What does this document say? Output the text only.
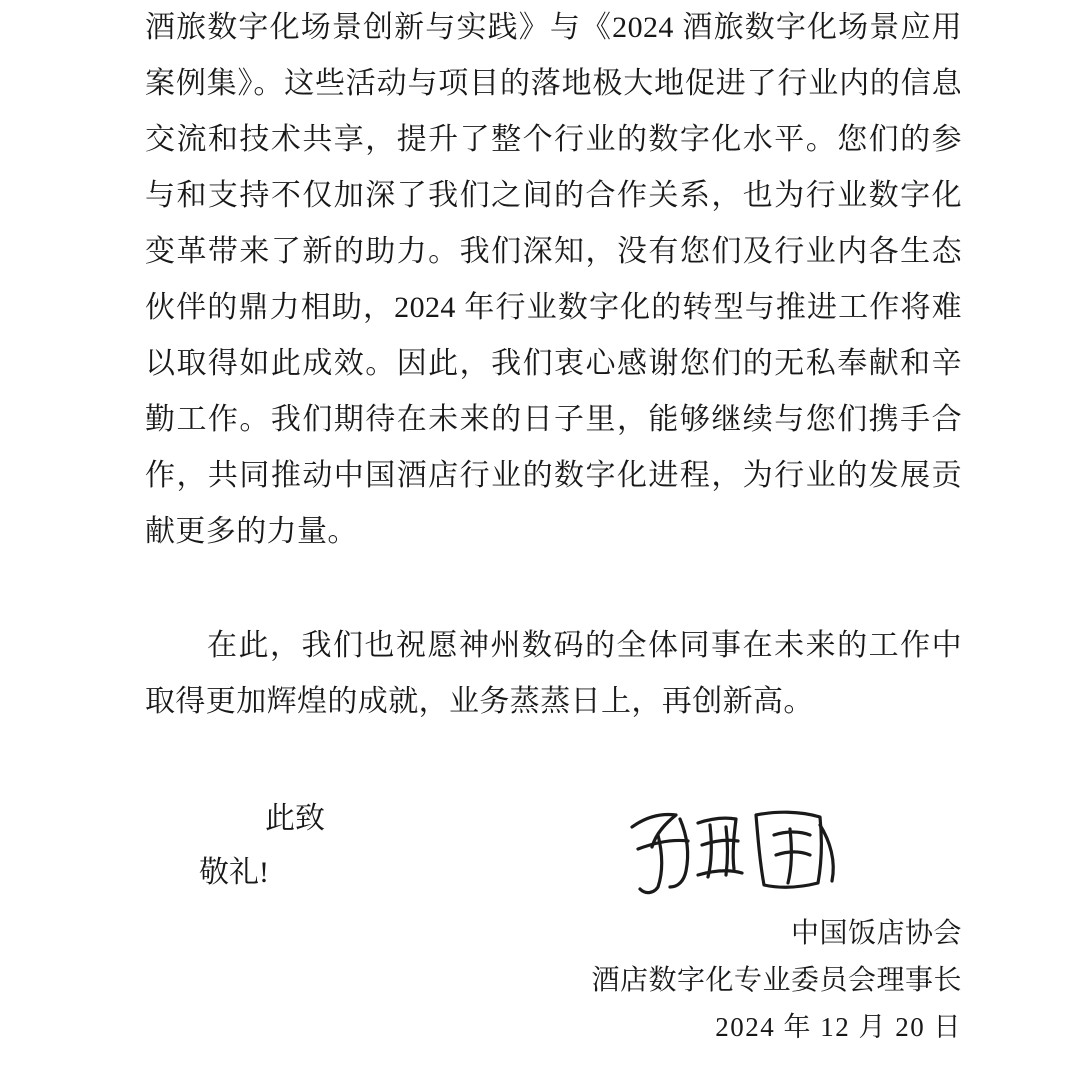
酒旅数字化场景创新与实践》与《2024 酒旅数字化场景应用案例集》。这些活动与项目的落地极大地促进了行业内的信息交流和技术共享，提升了整个行业的数字化水平。您们的参与和支持不仅加深了我们之间的合作关系，也为行业数字化变革带来了新的助力。我们深知，没有您们及行业内各生态伙伴的鼎力相助，2024 年行业数字化的转型与推进工作将难以取得如此成效。因此，我们衷心感谢您们的无私奉献和辛勤工作。我们期待在未来的日子里，能够继续与您们携手合作，共同推动中国酒店行业的数字化进程，为行业的发展贡献更多的力量。

在此，我们也祝愿神州数码的全体同事在未来的工作中取得更加辉煌的成就，业务蒸蒸日上，再创新高。

此致
敬礼!
中国饭店协会
酒店数字化专业委员会理事长
2024 年 12 月 20 日
